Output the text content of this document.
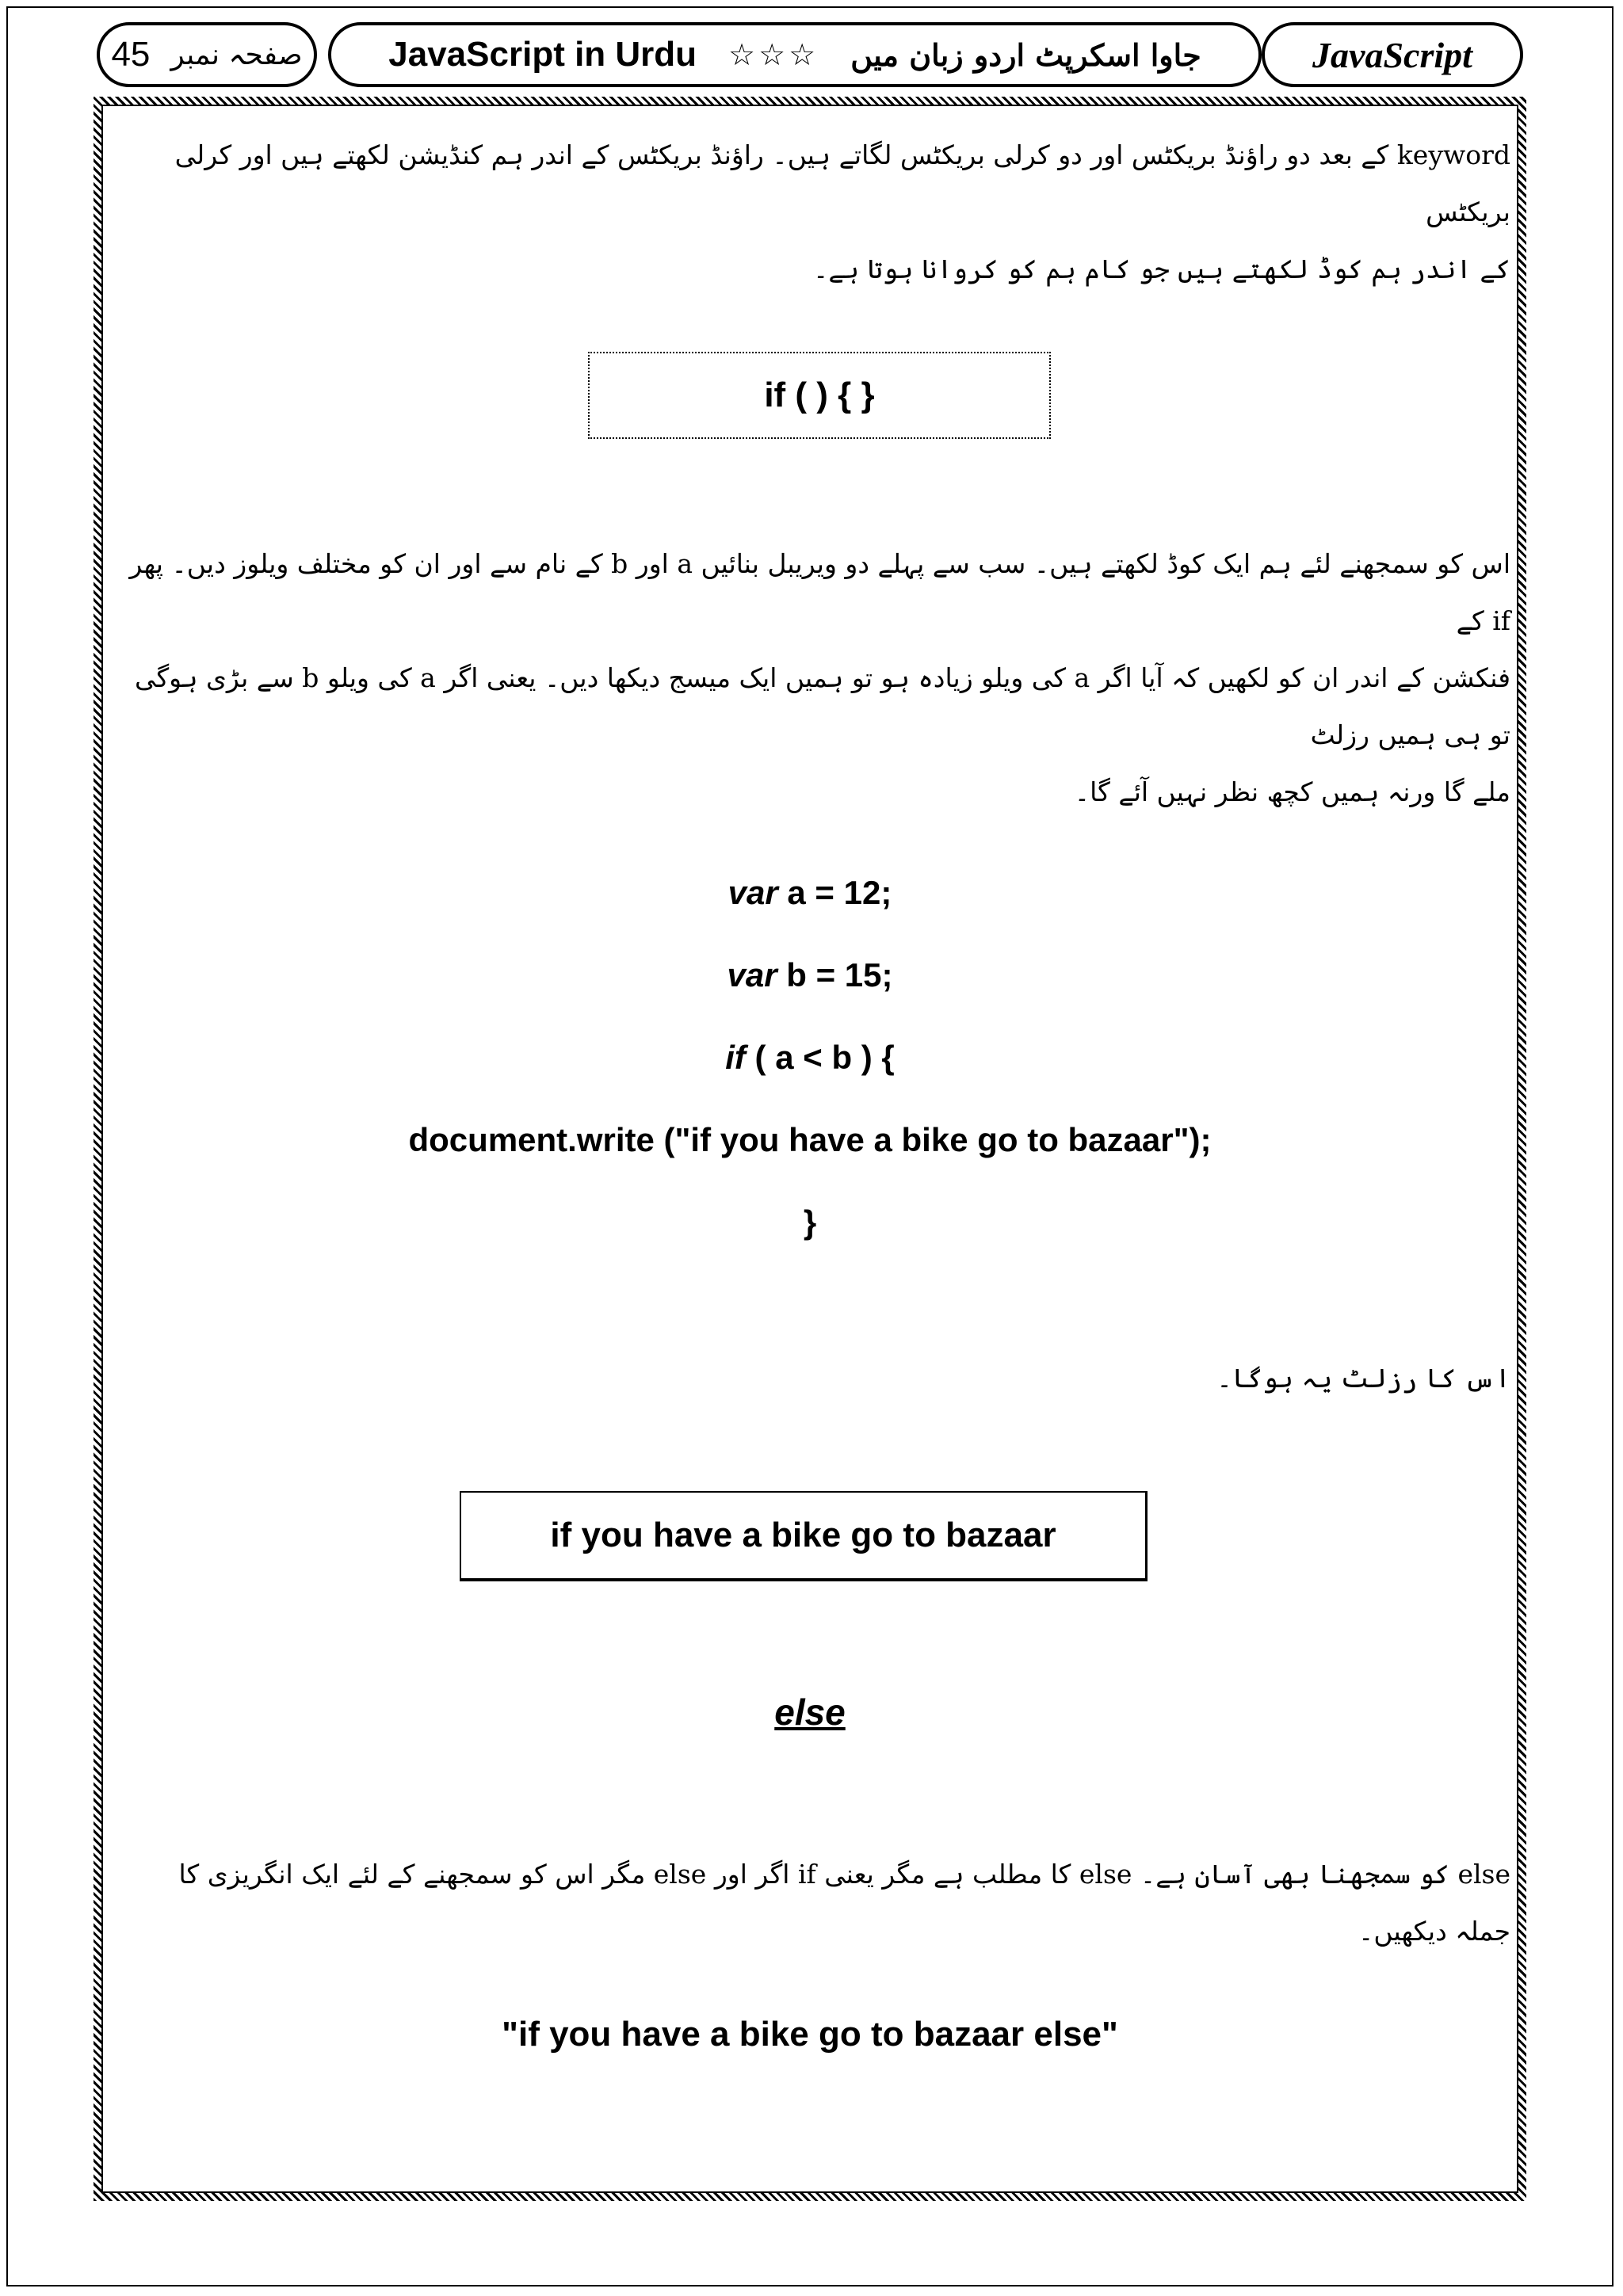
45 صفحہ نمبر JavaScript in Urdu ☆☆☆ جاوا اسکرپٹ اردو زبان میں	JavaScript

keyword کے بعد دو راؤنڈ بریکٹس اور دو کرلی بریکٹس لگاتے ہیں۔ راؤنڈ بریکٹس کے اندر ہم کنڈیشن لکھتے ہیں اور کرلی بریکٹس

کے اندر ہم کوڈ لکھتے ہیں جو کام ہم کو کروانا ہوتا ہے۔

if ( ) { }

اس کو سمجھنے لئے ہم ایک کوڈ لکھتے ہیں۔ سب سے پہلے دو ویریبل بنائیں a اور b کے نام سے اور ان کو مختلف ویلوز دیں۔ پھر if کے

فنکشن کے اندر ان کو لکھیں کہ آیا اگر a کی ویلو زیادہ ہو تو ہمیں ایک میسج دیکھا دیں۔ یعنی اگر a کی ویلو b سے بڑی ہوگی تو ہی ہمیں رزلٹ

ملے گا ورنہ ہمیں کچھ نظر نہیں آئے گا۔

var a = 12;
var b = 15;
if ( a < b ) {
document.write ("if you have a bike go to bazaar");
}
اس کا رزلٹ یہ ہوگا۔
if you have a bike go to bazaar
else
else کو سمجھنا بھی آسان ہے۔ else کا مطلب ہے مگر یعنی if اگر اور else مگر اس کو سمجھنے کے لئے ایک انگریزی کا جملہ دیکھیں۔
"if you have a bike go to bazaar else"
